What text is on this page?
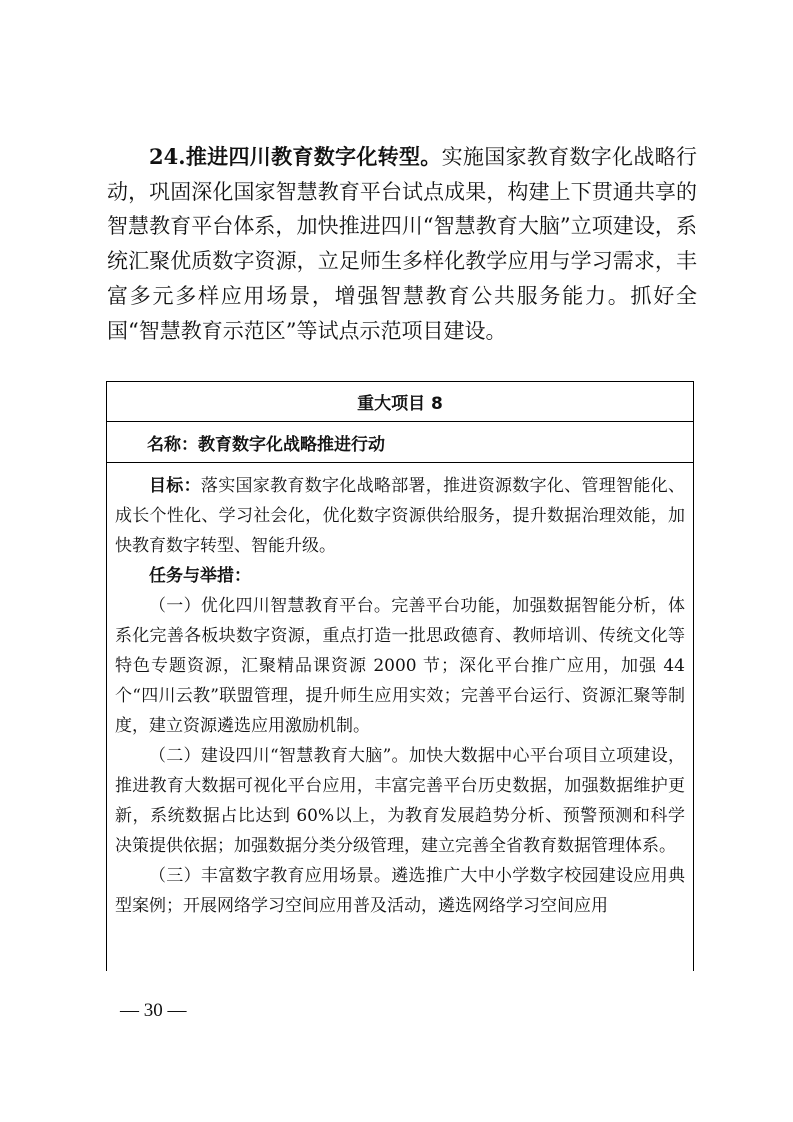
24.推进四川教育数字化转型。实施国家教育数字化战略行动，巩固深化国家智慧教育平台试点成果，构建上下贯通共享的智慧教育平台体系，加快推进四川“智慧教育大脑”立项建设，系统汇聚优质数字资源，立足师生多样化教学应用与学习需求，丰富多元多样应用场景，增强智慧教育公共服务能力。抓好全国“智慧教育示范区”等试点示范项目建设。

重大项目 8
名称：教育数字化战略推进行动

目标：落实国家教育数字化战略部署，推进资源数字化、管理智能化、成长个性化、学习社会化，优化数字资源供给服务，提升数据治理效能，加快教育数字转型、智能升级。

任务与举措：

（一）优化四川智慧教育平台。完善平台功能，加强数据智能分析，体系化完善各板块数字资源，重点打造一批思政德育、教师培训、传统文化等特色专题资源，汇聚精品课资源 2000 节；深化平台推广应用，加强 44 个“四川云教”联盟管理，提升师生应用实效；完善平台运行、资源汇聚等制度，建立资源遴选应用激励机制。

（二）建设四川“智慧教育大脑”。加快大数据中心平台项目立项建设，推进教育大数据可视化平台应用，丰富完善平台历史数据，加强数据维护更新，系统数据占比达到 60%以上，为教育发展趋势分析、预警预测和科学决策提供依据；加强数据分类分级管理，建立完善全省教育数据管理体系。

（三）丰富数字教育应用场景。遴选推广大中小学数字校园建设应用典型案例；开展网络学习空间应用普及活动，遴选网络学习空间应用

— 30 —
